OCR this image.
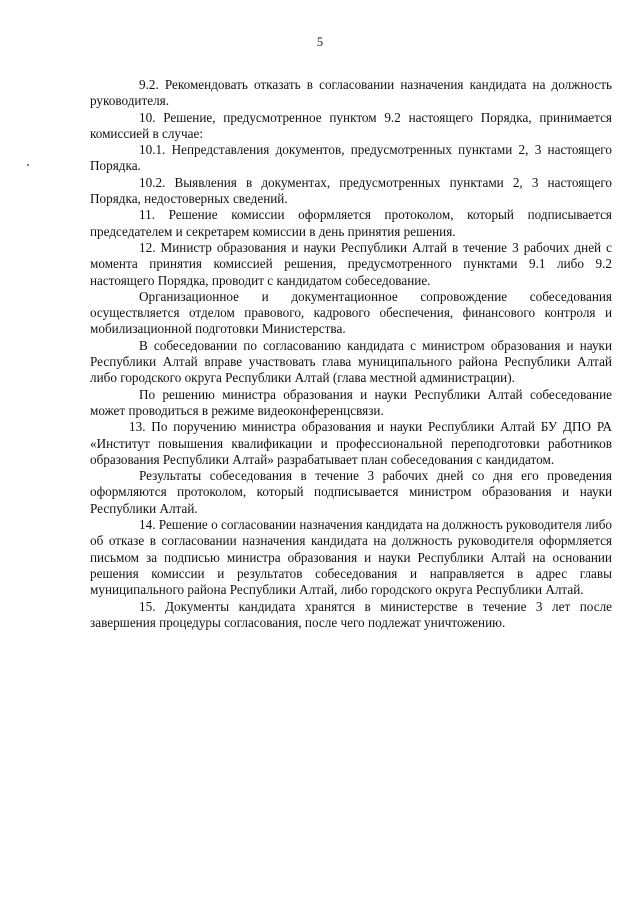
5

9.2. Рекомендовать отказать в согласовании назначения кандидата на должность руководителя.

10. Решение, предусмотренное пунктом 9.2 настоящего Порядка, принимается комиссией в случае:

10.1. Непредставления документов, предусмотренных пунктами 2, 3 настоящего Порядка.

10.2. Выявления в документах, предусмотренных пунктами 2, 3 настоящего Порядка, недостоверных сведений.

11. Решение комиссии оформляется протоколом, который подписывается председателем и секретарем комиссии в день принятия решения.

12. Министр образования и науки Республики Алтай в течение 3 рабочих дней с момента принятия комиссией решения, предусмотренного пунктами 9.1 либо 9.2 настоящего Порядка, проводит с кандидатом собеседование.

Организационное и документационное сопровождение собеседования осуществляется отделом правового, кадрового обеспечения, финансового контроля и мобилизационной подготовки Министерства.

В собеседовании по согласованию кандидата с министром образования и науки Республики Алтай вправе участвовать глава муниципального района Республики Алтай либо городского округа Республики Алтай (глава местной администрации).

По решению министра образования и науки Республики Алтай собеседование может проводиться в режиме видеоконференцсвязи.

13. По поручению министра образования и науки Республики Алтай БУ ДПО РА «Институт повышения квалификации и профессиональной переподготовки работников образования Республики Алтай» разрабатывает план собеседования с кандидатом.

Результаты собеседования в течение 3 рабочих дней со дня его проведения оформляются протоколом, который подписывается министром образования и науки Республики Алтай.

14. Решение о согласовании назначения кандидата на должность руководителя либо об отказе в согласовании назначения кандидата на должность руководителя оформляется письмом за подписью министра образования и науки Республики Алтай на основании решения комиссии и результатов собеседования и направляется в адрес главы муниципального района Республики Алтай, либо городского округа Республики Алтай.

15. Документы кандидата хранятся в министерстве в течение 3 лет после завершения процедуры согласования, после чего подлежат уничтожению.
